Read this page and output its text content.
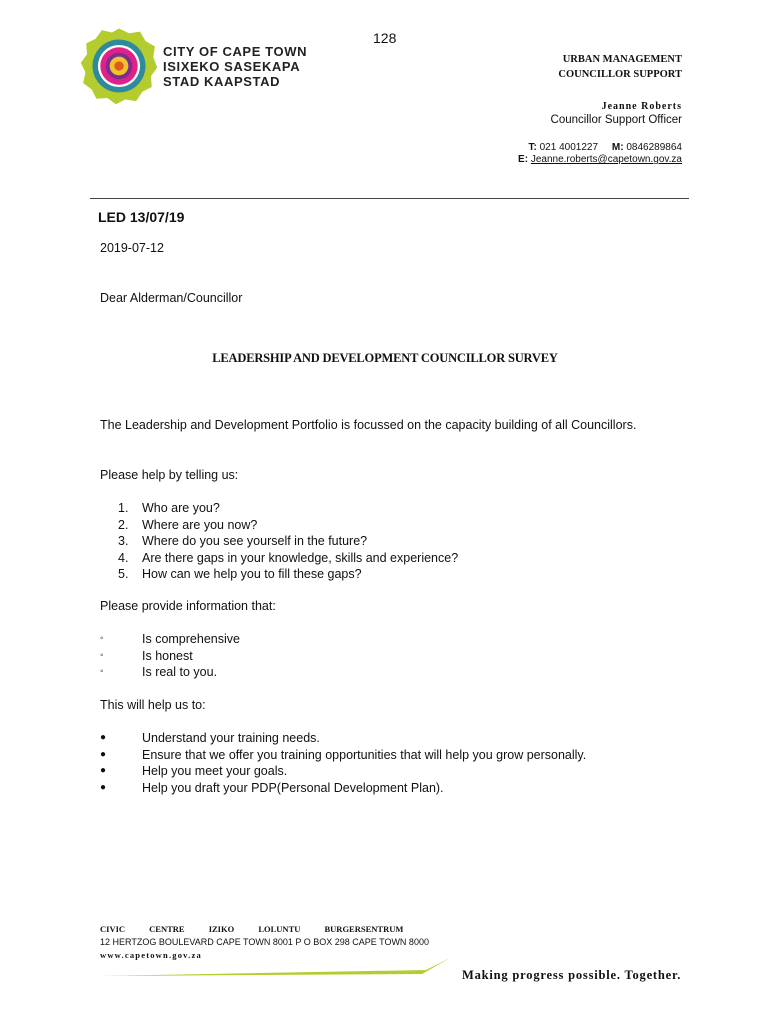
128
CITY OF CAPE TOWN
ISIXEKO SASEKAPA
STAD KAAPSTAD
URBAN MANAGEMENT
COUNCILLOR SUPPORT
Jeanne Roberts
Councillor Support Officer
T: 021 4001227 M: 0846289864
E: Jeanne.roberts@capetown.gov.za
LED 13/07/19
2019-07-12
Dear Alderman/Councillor
LEADERSHIP AND DEVELOPMENT COUNCILLOR SURVEY
The Leadership and Development Portfolio is focussed on the capacity building of all Councillors.
Please help by telling us:
1. Who are you?
2. Where are you now?
3. Where do you see yourself in the future?
4. Are there gaps in your knowledge, skills and experience?
5. How can we help you to fill these gaps?
Please provide information that:
◦	Is comprehensive
◦	Is honest
◦	Is real to you.
This will help us to:
●	Understand your training needs.
●	Ensure that we offer you training opportunities that will help you grow personally.
●	Help you meet your goals.
●	Help you draft your PDP(Personal Development Plan).
CIVIC CENTRE IZIKO LOLUNTU BURGERSENTRUM
12 HERTZOG BOULEVARD CAPE TOWN 8001 P O BOX 298 CAPE TOWN 8000
www.capetown.gov.za
Making progress possible. Together.
